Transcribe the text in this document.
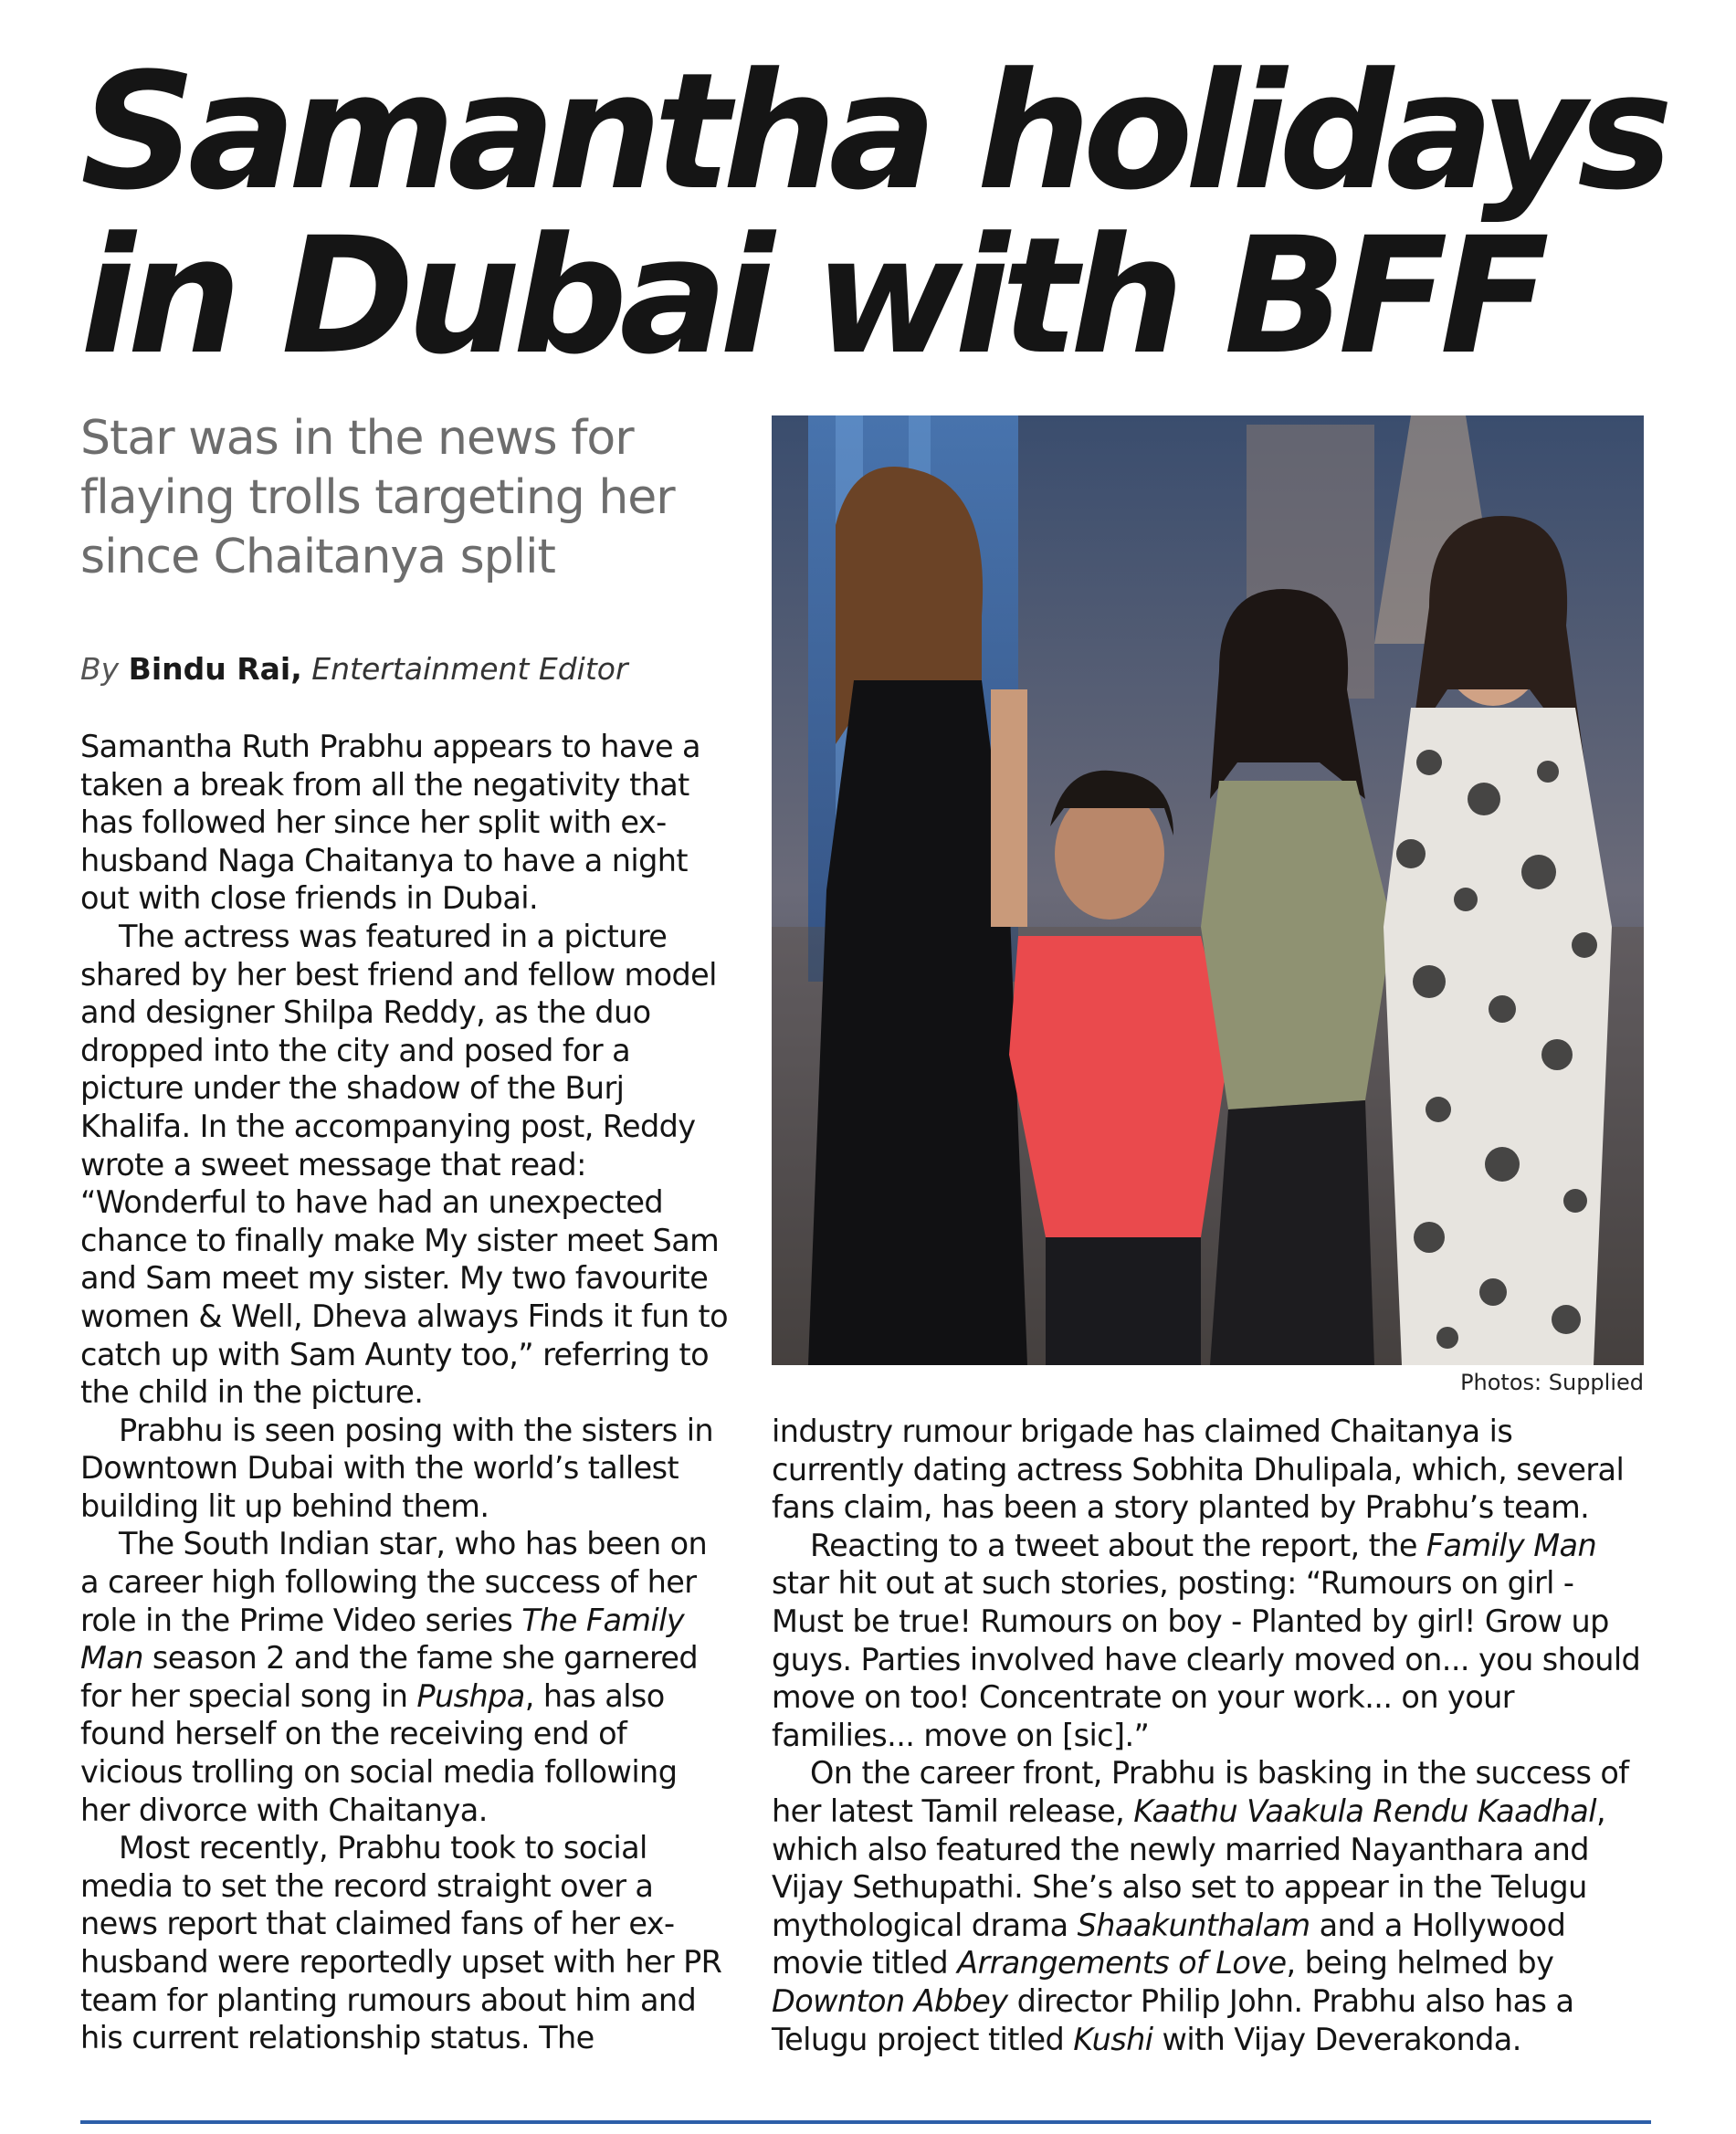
Samantha holidays
in Dubai with BFF
Star was in the news for flaying trolls targeting her since Chaitanya split
By Bindu Rai, Entertainment Editor

Samantha Ruth Prabhu appears to have a taken a break from all the negativity that has followed her since her split with ex-husband Naga Chaitanya to have a night out with close friends in Dubai.

The actress was featured in a picture shared by her best friend and fellow model and designer Shilpa Reddy, as the duo dropped into the city and posed for a picture under the shadow of the Burj Khalifa. In the accompanying post, Reddy wrote a sweet message that read: “Wonderful to have had an unexpected chance to finally make My sister meet Sam and Sam meet my sister. My two favourite women & Well, Dheva always Finds it fun to catch up with Sam Aunty too,” referring to the child in the picture.

Prabhu is seen posing with the sisters in Downtown Dubai with the world’s tallest building lit up behind them.

The South Indian star, who has been on a career high following the success of her role in the Prime Video series The Family Man season 2 and the fame she garnered for her special song in Pushpa, has also found herself on the receiving end of vicious trolling on social media following her divorce with Chaitanya.

Most recently, Prabhu took to social media to set the record straight over a news report that claimed fans of her ex-husband were reportedly upset with her PR team for planting rumours about him and his current relationship status. The

Photos: Supplied

industry rumour brigade has claimed Chaitanya is currently dating actress Sobhita Dhulipala, which, several fans claim, has been a story planted by Prabhu’s team.

Reacting to a tweet about the report, the Family Man star hit out at such stories, posting: “Rumours on girl - Must be true! Rumours on boy - Planted by girl! Grow up guys. Parties involved have clearly moved on... you should move on too! Concentrate on your work... on your families... move on [sic].”

On the career front, Prabhu is basking in the success of her latest Tamil release, Kaathu Vaakula Rendu Kaadhal, which also featured the newly married Nayanthara and Vijay Sethupathi. She’s also set to appear in the Telugu mythological drama Shaakunthalam and a Hollywood movie titled Arrangements of Love, being helmed by Downton Abbey director Philip John. Prabhu also has a Telugu project titled Kushi with Vijay Deverakonda.
